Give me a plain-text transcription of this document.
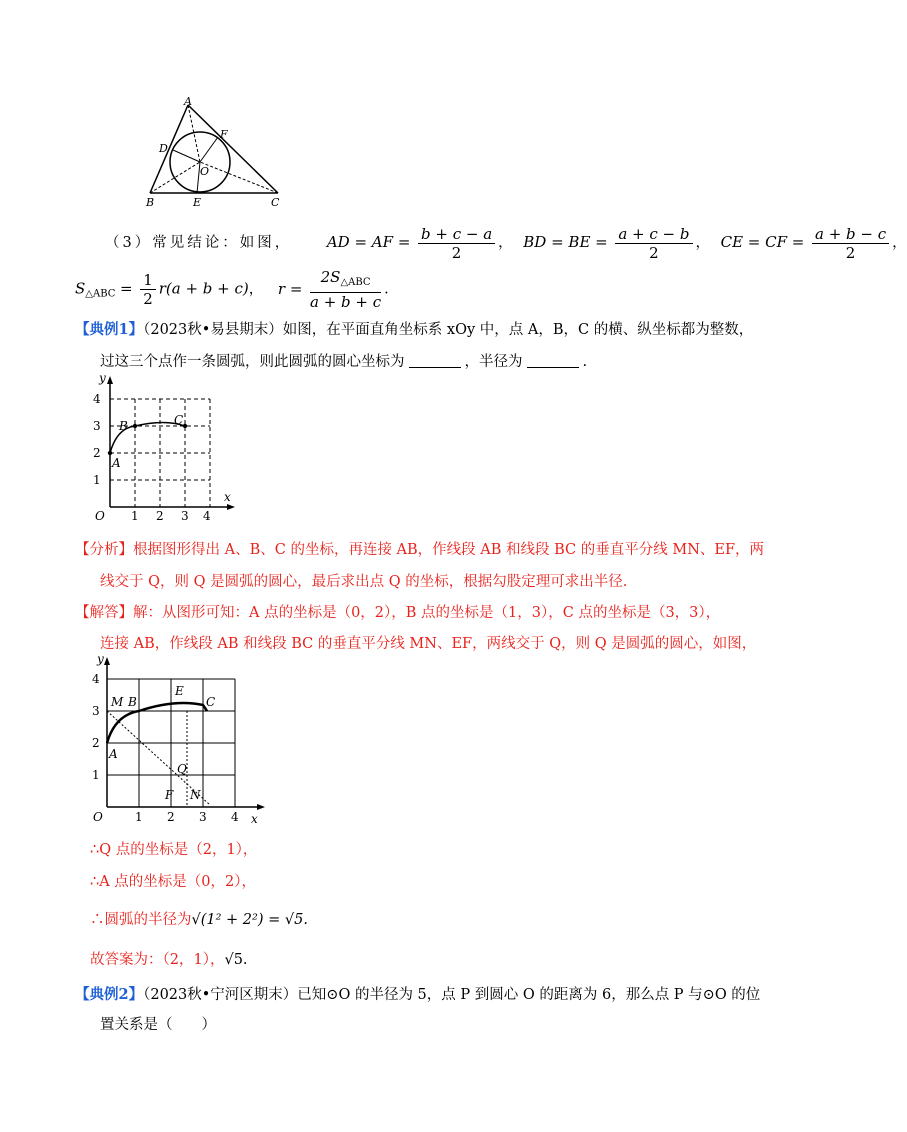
A
F
D
O
B	E	C
（3）常见结论：如图， AD = AF = $\frac{b + c - a}{2}$ ， BD = BE = $\frac{a + c - b}{2}$ ， CE = CF = $\frac{a + b - c}{2}$ ，
$S_{\triangle ABC} = \frac{1}{2} r(a + b + c)$， $r = \frac{2S_{\triangle ABC}}{a + b + c}$ .
【典例1】（2023秋•易县期末）如图，在平面直角坐标系 xOy 中，点 A，B，C 的横、纵坐标都为整数，
过这三个点作一条圆弧，则此圆弧的圆心坐标为	，半径为	.
y
x
O
4
3
2
1
1 2 3 4
A
B	C
【分析】根据图形得出 A、B、C 的坐标，再连接 AB，作线段 AB 和线段 BC 的垂直平分线 MN、EF，两
线交于 Q，则 Q 是圆弧的圆心，最后求出点 Q 的坐标，根据勾股定理可求出半径.
【解答】解：从图形可知：A 点的坐标是（0，2），B 点的坐标是（1，3），C 点的坐标是（3，3），
连接 AB，作线段 AB 和线段 BC 的垂直平分线 MN、EF，两线交于 Q，则 Q 是圆弧的圆心，如图，
y
x
O
4
3
2
1
1 2 3 4
M B
E
C
A
Q
F N
∴Q 点的坐标是（2，1），
∴A 点的坐标是（0，2），
∴圆弧的半径为√(1² + 2²) = √5.
故答案为：（2，1），√5.
【典例2】（2023秋•宁河区期末）已知⊙O 的半径为 5，点 P 到圆心 O 的距离为 6，那么点 P 与⊙O 的位
置关系是（　　）
